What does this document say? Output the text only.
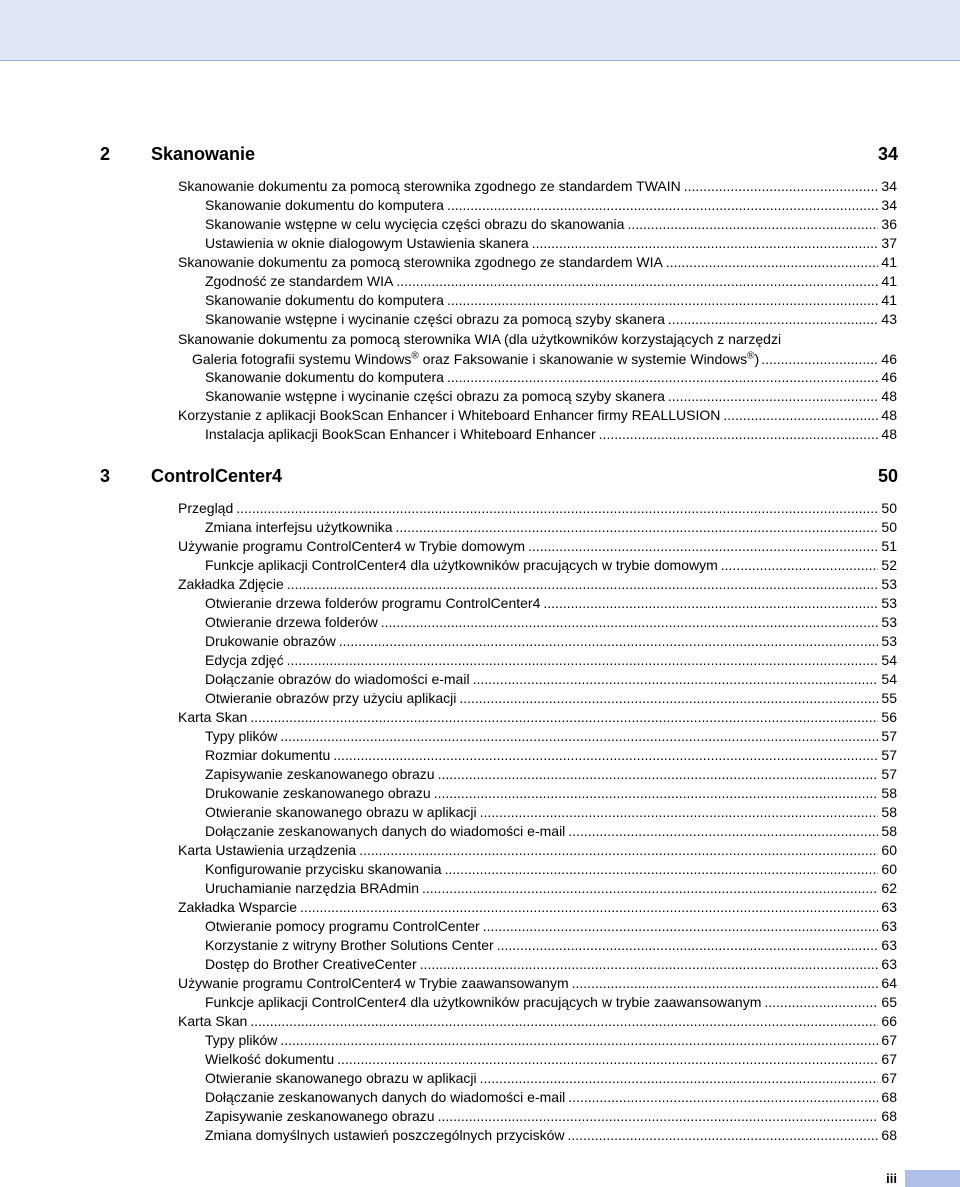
2 Skanowanie	34
Skanowanie dokumentu za pomocą sterownika zgodnego ze standardem TWAIN .....	34
Skanowanie dokumentu do komputera .....	34
Skanowanie wstępne w celu wycięcia części obrazu do skanowania .....	36
Ustawienia w oknie dialogowym Ustawienia skanera .....	37
Skanowanie dokumentu za pomocą sterownika zgodnego ze standardem WIA .....	41
Zgodność ze standardem WIA .....	41
Skanowanie dokumentu do komputera .....	41
Skanowanie wstępne i wycinanie części obrazu za pomocą szyby skanera .....	43
Skanowanie dokumentu za pomocą sterownika WIA (dla użytkowników korzystających z narzędzi
Galeria fotografii systemu Windows® oraz Faksowanie i skanowanie w systemie Windows®) .....	46
Skanowanie dokumentu do komputera .....	46
Skanowanie wstępne i wycinanie części obrazu za pomocą szyby skanera .....	48
Korzystanie z aplikacji BookScan Enhancer i Whiteboard Enhancer firmy REALLUSION .....	48
Instalacja aplikacji BookScan Enhancer i Whiteboard Enhancer .....	48
3 ControlCenter4	50
Przegląd .....	50
Zmiana interfejsu użytkownika .....	50
Używanie programu ControlCenter4 w Trybie domowym .....	51
Funkcje aplikacji ControlCenter4 dla użytkowników pracujących w trybie domowym .....	52
Zakładka Zdjęcie .....	53
Otwieranie drzewa folderów programu ControlCenter4 .....	53
Otwieranie drzewa folderów .....	53
Drukowanie obrazów .....	53
Edycja zdjęć .....	54
Dołączanie obrazów do wiadomości e-mail .....	54
Otwieranie obrazów przy użyciu aplikacji .....	55
Karta Skan .....	56
Typy plików .....	57
Rozmiar dokumentu .....	57
Zapisywanie zeskanowanego obrazu .....	57
Drukowanie zeskanowanego obrazu .....	58
Otwieranie skanowanego obrazu w aplikacji .....	58
Dołączanie zeskanowanych danych do wiadomości e-mail .....	58
Karta Ustawienia urządzenia .....	60
Konfigurowanie przycisku skanowania .....	60
Uruchamianie narzędzia BRAdmin .....	62
Zakładka Wsparcie .....	63
Otwieranie pomocy programu ControlCenter .....	63
Korzystanie z witryny Brother Solutions Center .....	63
Dostęp do Brother CreativeCenter .....	63
Używanie programu ControlCenter4 w Trybie zaawansowanym .....	64
Funkcje aplikacji ControlCenter4 dla użytkowników pracujących w trybie zaawansowanym .....	65
Karta Skan .....	66
Typy plików .....	67
Wielkość dokumentu .....	67
Otwieranie skanowanego obrazu w aplikacji .....	67
Dołączanie zeskanowanych danych do wiadomości e-mail .....	68
Zapisywanie zeskanowanego obrazu .....	68
Zmiana domyślnych ustawień poszczególnych przycisków .....	68
iii
